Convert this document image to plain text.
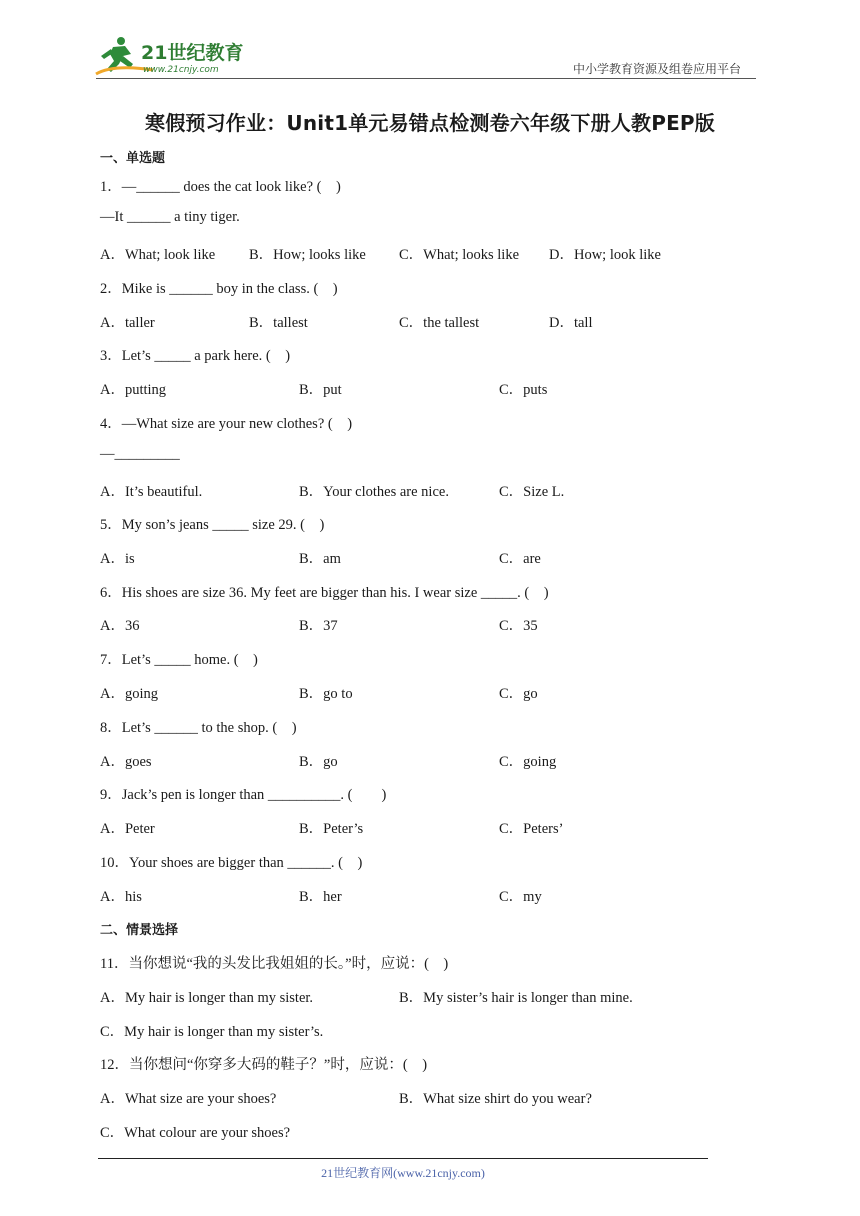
21世纪教育
www.21cnjy.com	中小学教育资源及组卷应用平台
寒假预习作业：Unit1单元易错点检测卷六年级下册人教PEP版
一、单选题
1．—______ does the cat look like? (    )
—It ______ a tiny tiger.
A．What; look like B．How; looks like C．What; looks like D．How; look like
2．Mike is ______ boy in the class. (    )
A．taller	B．tallest	C．the tallest	D．tall
3．Let’s _____ a park here. (    )
A．putting	B．put	C．puts
4．—What size are your new clothes? (    )
—_________
A．It’s beautiful.	B．Your clothes are nice.	C．Size L.
5．My son’s jeans _____ size 29. (    )
A．is	B．am	C．are
6．His shoes are size 36. My feet are bigger than his. I wear size _____. (    )
A．36	B．37	C．35
7．Let’s _____ home. (    )
A．going	B．go to	C．go
8．Let’s ______ to the shop. (    )
A．goes	B．go	C．going
9．Jack’s pen is longer than __________. (        )
A．Peter	B．Peter’s	C．Peters’
10．Your shoes are bigger than ______. (    )
A．his	B．her	C．my
二、情景选择
11．当你想说“我的头发比我姐姐的长。”时，应说：(    )
A．My hair is longer than my sister.	B．My sister’s hair is longer than mine.
C．My hair is longer than my sister’s.
12．当你想问“你穿多大码的鞋子？”时，应说：(    )
A．What size are your shoes?	B．What size shirt do you wear?
C．What colour are your shoes?
21世纪教育网(www.21cnjy.com)
